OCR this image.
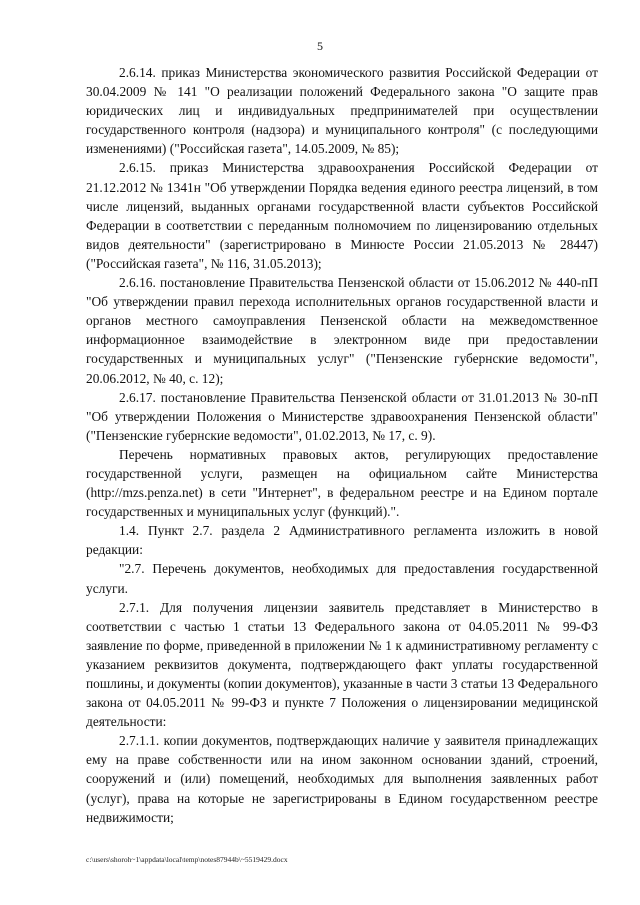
5

2.6.14. приказ Министерства экономического развития Российской Федерации от 30.04.2009 № 141 "О реализации положений Федерального закона "О защите прав юридических лиц и индивидуальных предпринимателей при осуществлении государственного контроля (надзора) и муниципального контроля" (с последующими изменениями) ("Российская газета", 14.05.2009, № 85);

2.6.15. приказ Министерства здравоохранения Российской Федерации от 21.12.2012 № 1341н "Об утверждении Порядка ведения единого реестра лицензий, в том числе лицензий, выданных органами государственной власти субъектов Российской Федерации в соответствии с переданным полномочием по лицензированию отдельных видов деятельности" (зарегистрировано в Минюсте России 21.05.2013 № 28447) ("Российская газета", № 116, 31.05.2013);

2.6.16. постановление Правительства Пензенской области от 15.06.2012 № 440-пП "Об утверждении правил перехода исполнительных органов государственной власти и органов местного самоуправления Пензенской области на межведомственное информационное взаимодействие в электронном виде при предоставлении государственных и муниципальных услуг" ("Пензенские губернские ведомости", 20.06.2012, № 40, с. 12);

2.6.17. постановление Правительства Пензенской области от 31.01.2013 № 30-пП "Об утверждении Положения о Министерстве здравоохранения Пензенской области" ("Пензенские губернские ведомости", 01.02.2013, № 17, с. 9).

Перечень нормативных правовых актов, регулирующих предоставление государственной услуги, размещен на официальном сайте Министерства (http://mzs.penza.net) в сети "Интернет", в федеральном реестре и на Едином портале государственных и муниципальных услуг (функций).".

1.4. Пункт 2.7. раздела 2 Административного регламента изложить в новой редакции:

"2.7. Перечень документов, необходимых для предоставления государственной услуги.

2.7.1. Для получения лицензии заявитель представляет в Министерство в соответствии с частью 1 статьи 13 Федерального закона от 04.05.2011 № 99-ФЗ заявление по форме, приведенной в приложении № 1 к административному регламенту с указанием реквизитов документа, подтверждающего факт уплаты государственной пошлины, и документы (копии документов), указанные в части 3 статьи 13 Федерального закона от 04.05.2011 № 99-ФЗ и пункте 7 Положения о лицензировании медицинской деятельности:

2.7.1.1. копии документов, подтверждающих наличие у заявителя принадлежащих ему на праве собственности или на ином законном основании зданий, строений, сооружений и (или) помещений, необходимых для выполнения заявленных работ (услуг), права на которые не зарегистрированы в Едином государственном реестре недвижимости;

c:\users\shoroh~1\appdata\local\temp\notes87944b\~5519429.docx
